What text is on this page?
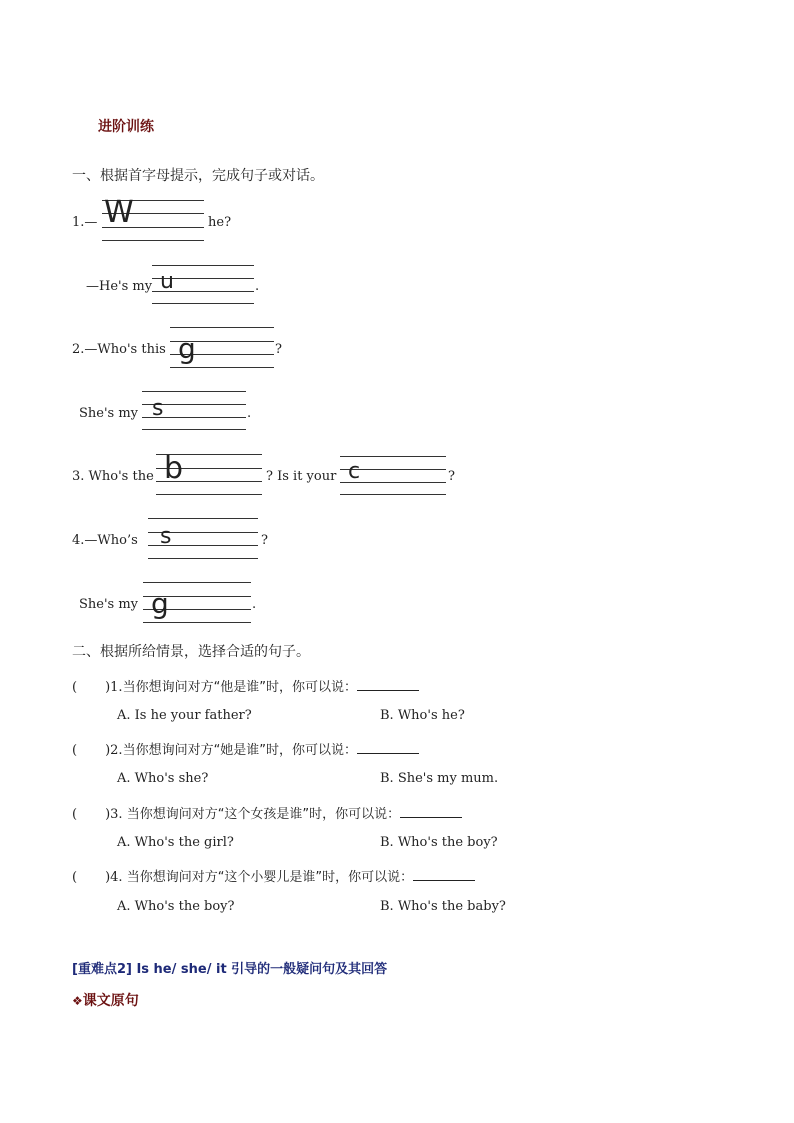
进阶训练
一、根据首字母提示，完成句子或对话。
1.— W	he?
—He's my u	.
2.—Who's this g	?
She's my s	.
3. Who's the b	? Is it your c	?
4.—Who’s s	?
She's my g	.
二、根据所给情景，选择合适的句子。
( )1.当你想询问对方“他是谁”时，你可以说：
A. Is he your father?	B. Who's he?
( )2.当你想询问对方“她是谁”时，你可以说：
A. Who's she?	B. She's my mum.
( )3. 当你想询问对方“这个女孩是谁”时，你可以说：
A. Who's the girl?	B. Who's the boy?
( )4. 当你想询问对方“这个小婴儿是谁”时，你可以说：
A. Who's the boy?	B. Who's the baby?
[重难点2] Is he/ she/ it 引导的一般疑问句及其回答
❖课文原句
